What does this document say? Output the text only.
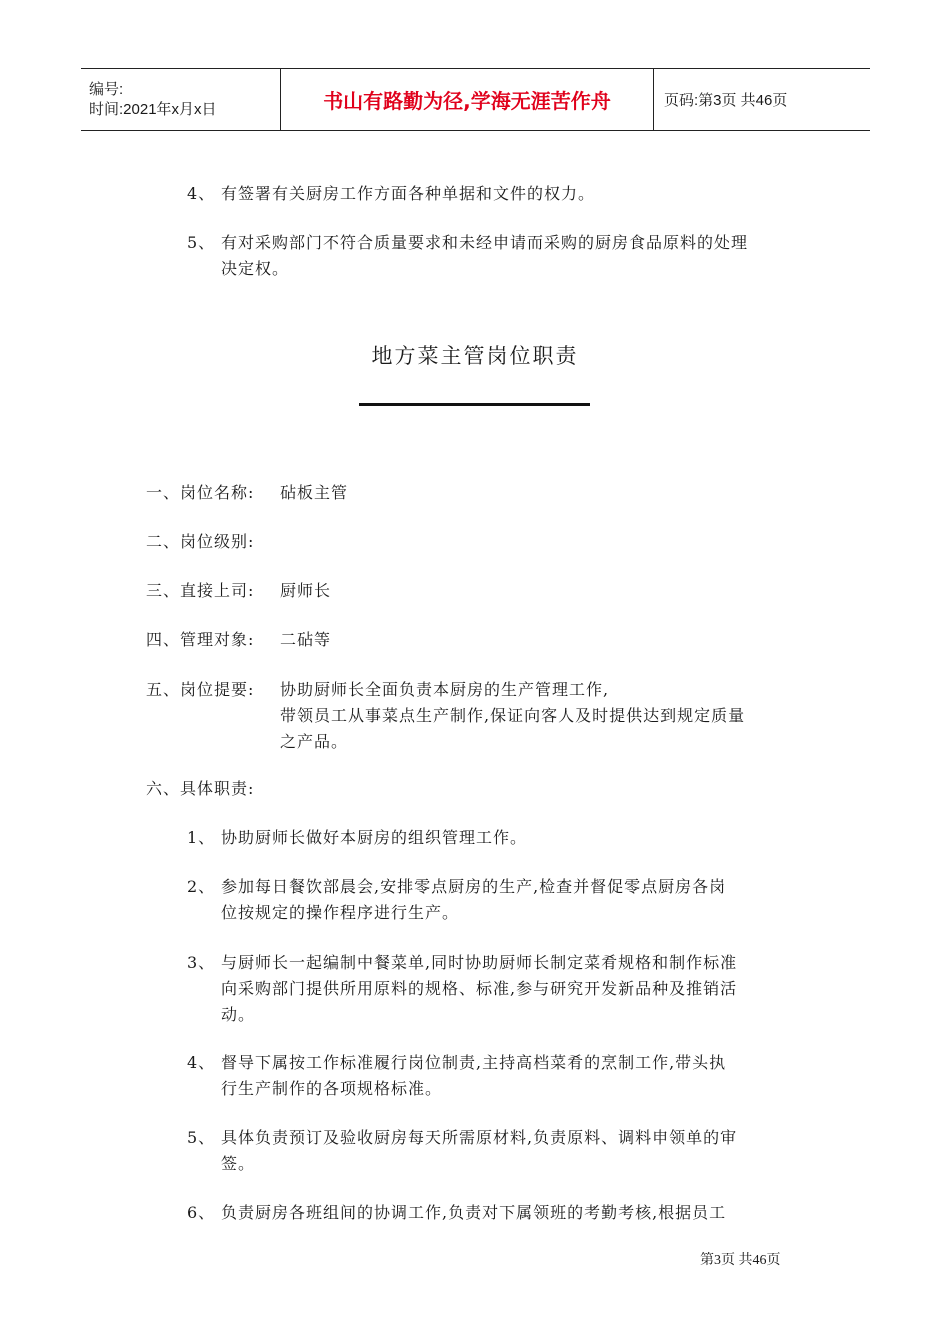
编号:
时间:2021年x月x日	书山有路勤为径,学海无涯苦作舟	页码:第3页 共46页
4、 有签署有关厨房工作方面各种单据和文件的权力。
5、 有对采购部门不符合质量要求和未经申请而采购的厨房食品原料的处理
决定权。
地方菜主管岗位职责
一、岗位名称: 砧板主管
二、岗位级别:
三、直接上司: 厨师长
四、管理对象: 二砧等
五、岗位提要: 协助厨师长全面负责本厨房的生产管理工作,
带领员工从事菜点生产制作,保证向客人及时提供达到规定质量
之产品。
六、具体职责:
1、 协助厨师长做好本厨房的组织管理工作。
2、 参加每日餐饮部晨会,安排零点厨房的生产,检查并督促零点厨房各岗
位按规定的操作程序进行生产。
3、 与厨师长一起编制中餐菜单,同时协助厨师长制定菜肴规格和制作标准
向采购部门提供所用原料的规格、标准,参与研究开发新品种及推销活
动。
4、 督导下属按工作标准履行岗位制责,主持高档菜肴的烹制工作,带头执
行生产制作的各项规格标准。
5、 具体负责预订及验收厨房每天所需原材料,负责原料、调料申领单的审
签。
6、 负责厨房各班组间的协调工作,负责对下属领班的考勤考核,根据员工
第3页 共46页
